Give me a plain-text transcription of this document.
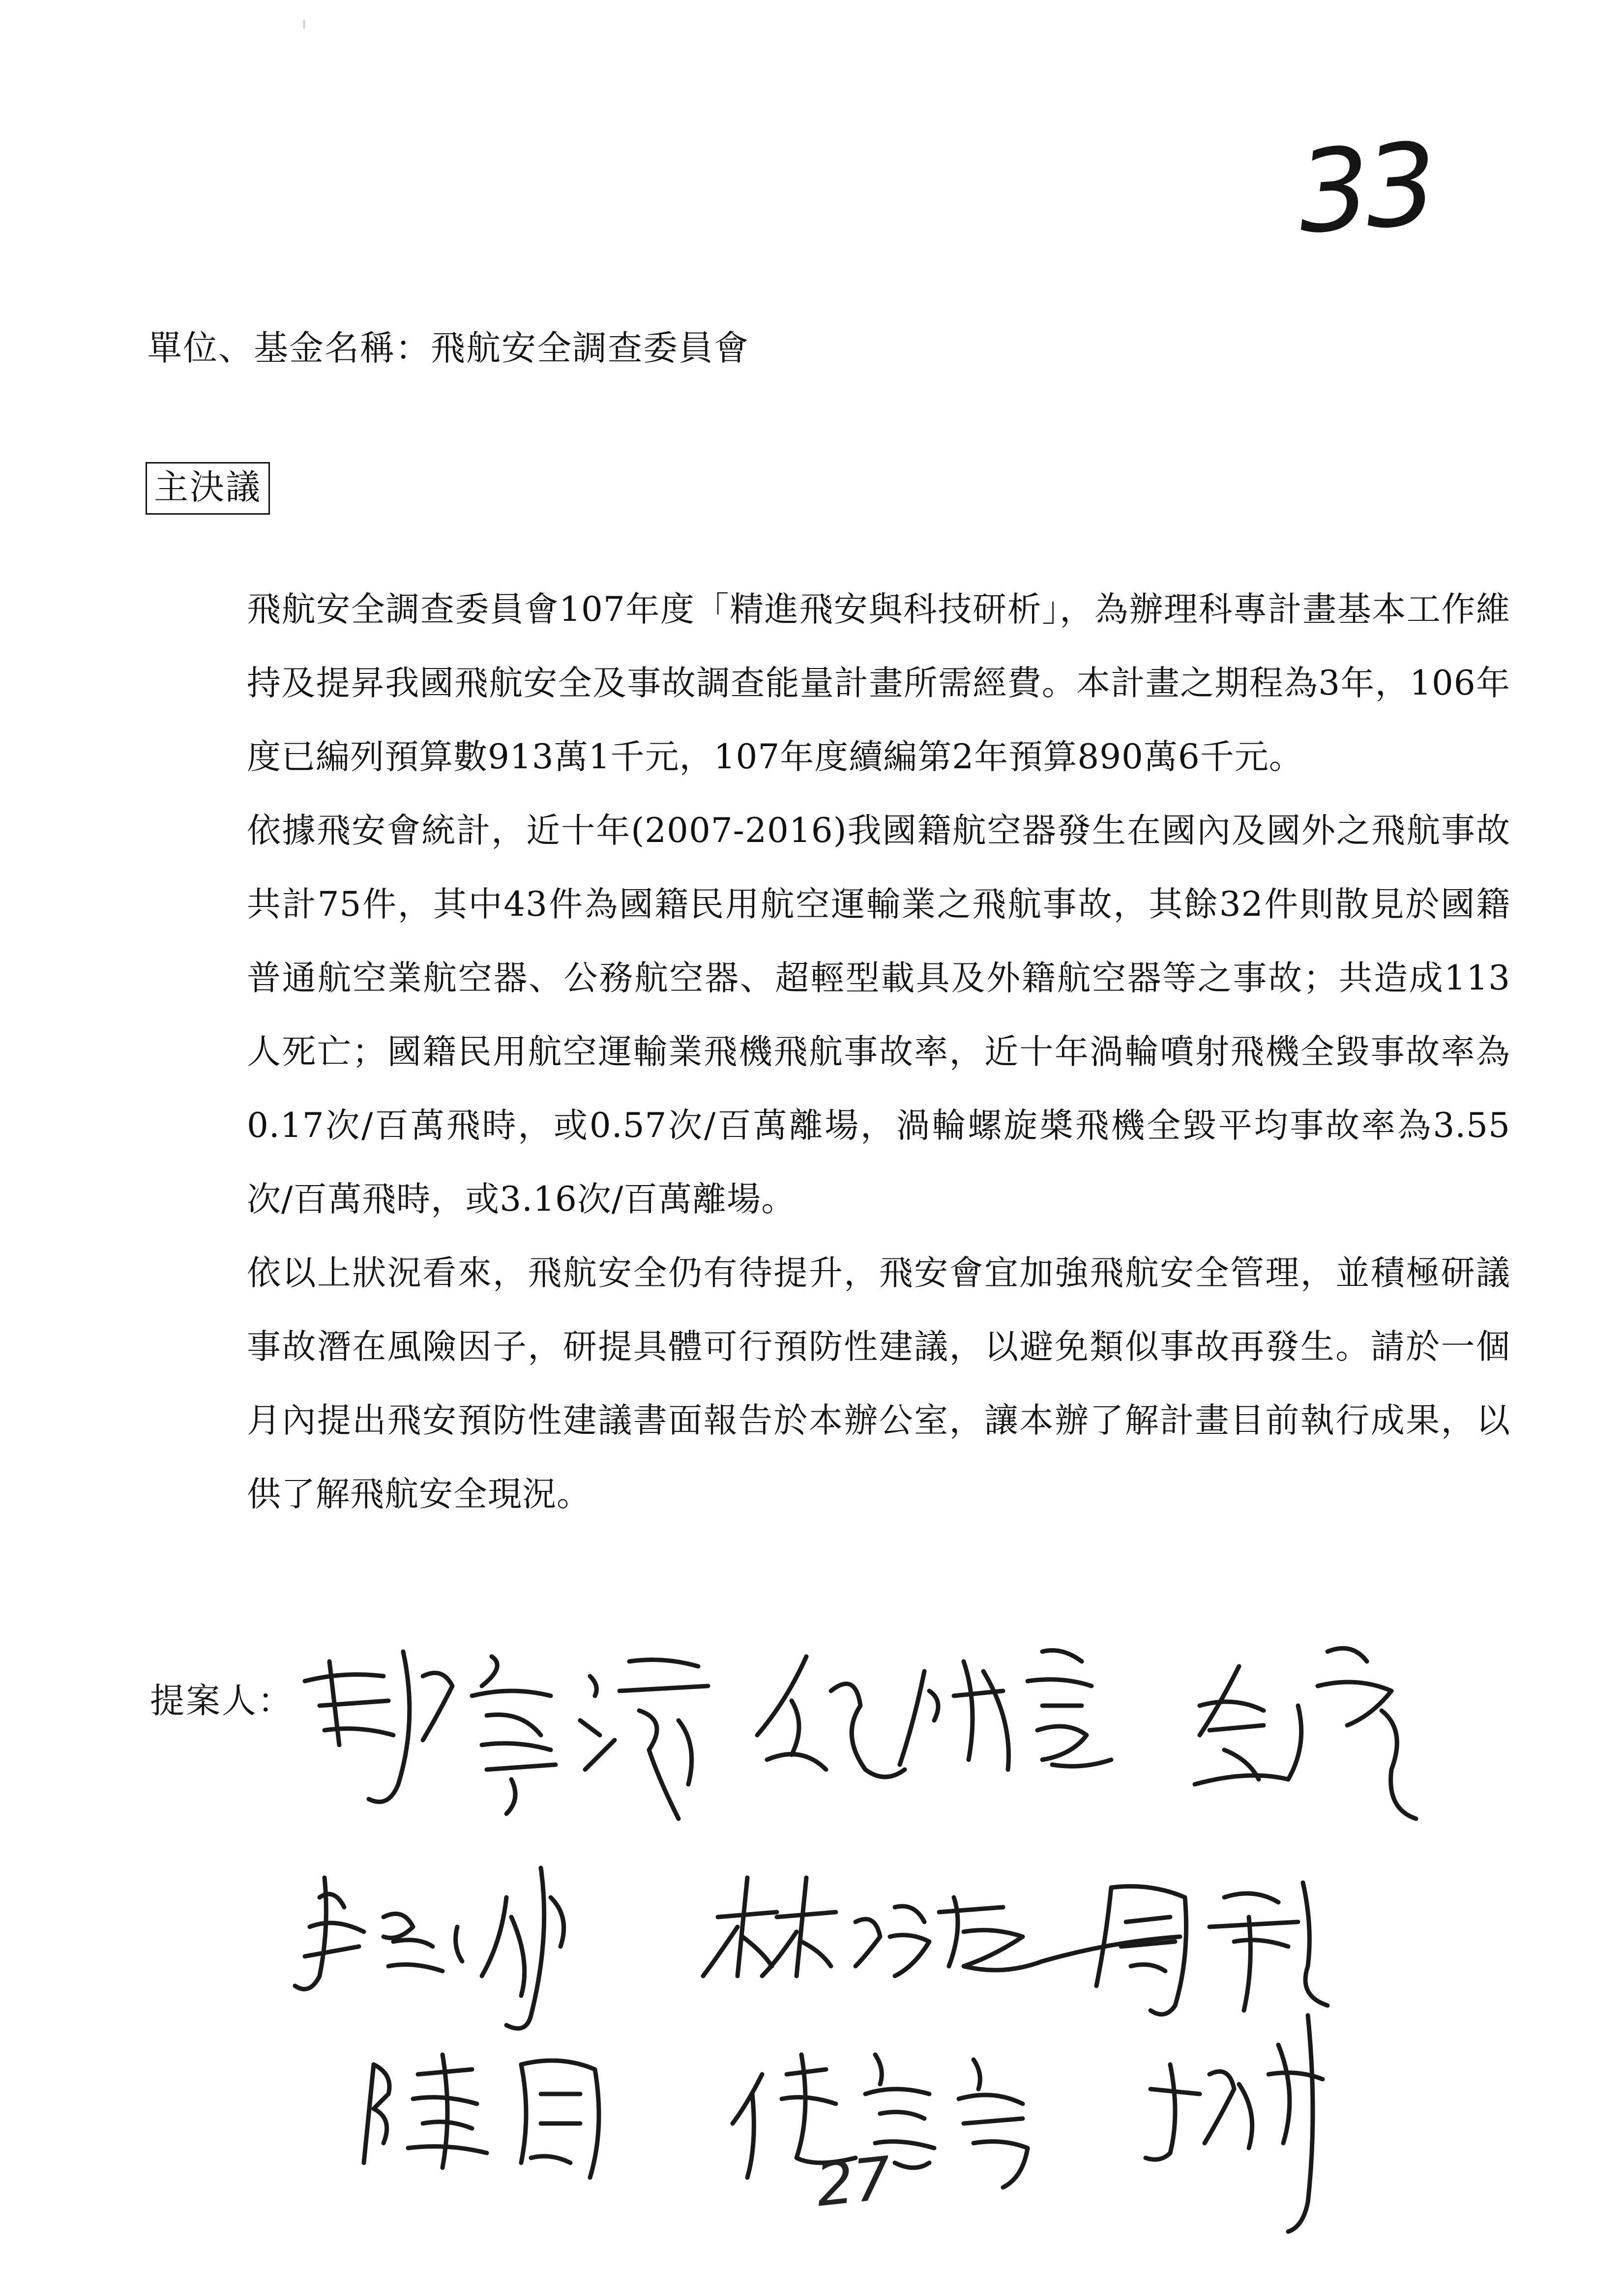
33
單位、基金名稱：飛航安全調查委員會
主決議

飛航安全調查委員會107年度「精進飛安與科技研析」，為辦理科專計畫基本工作維持及提昇我國飛航安全及事故調查能量計畫所需經費。本計畫之期程為3年，106年度已編列預算數913萬1千元，107年度續編第2年預算890萬6千元。

依據飛安會統計，近十年(2007-2016)我國籍航空器發生在國內及國外之飛航事故共計75件，其中43件為國籍民用航空運輸業之飛航事故，其餘32件則散見於國籍普通航空業航空器、公務航空器、超輕型載具及外籍航空器等之事故；共造成113人死亡；國籍民用航空運輸業飛機飛航事故率，近十年渦輪噴射飛機全毀事故率為0.17次/百萬飛時，或0.57次/百萬離場，渦輪螺旋槳飛機全毀平均事故率為3.55次/百萬飛時，或3.16次/百萬離場。

依以上狀況看來，飛航安全仍有待提升，飛安會宜加強飛航安全管理，並積極研議事故潛在風險因子，研提具體可行預防性建議，以避免類似事故再發生。請於一個月內提出飛安預防性建議書面報告於本辦公室，讓本辦了解計畫目前執行成果，以供了解飛航安全現況。

提案人：
27
